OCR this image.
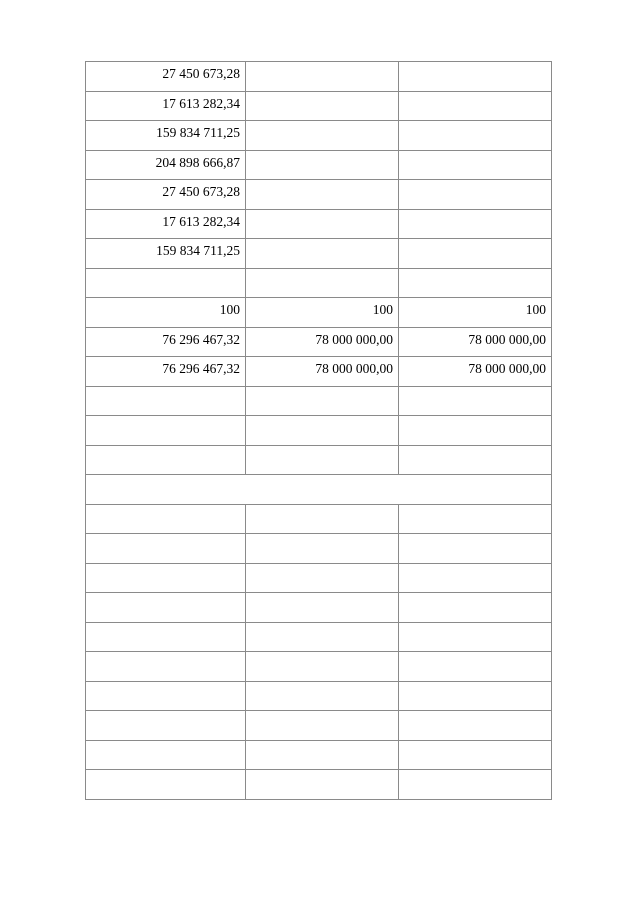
27 450 673,28		
17 613 282,34		
159 834 711,25		
204 898 666,87		
27 450 673,28		
17 613 282,34		
159 834 711,25		

100	100	100
76 296 467,32	78 000 000,00	78 000 000,00
76 296 467,32	78 000 000,00	78 000 000,00
